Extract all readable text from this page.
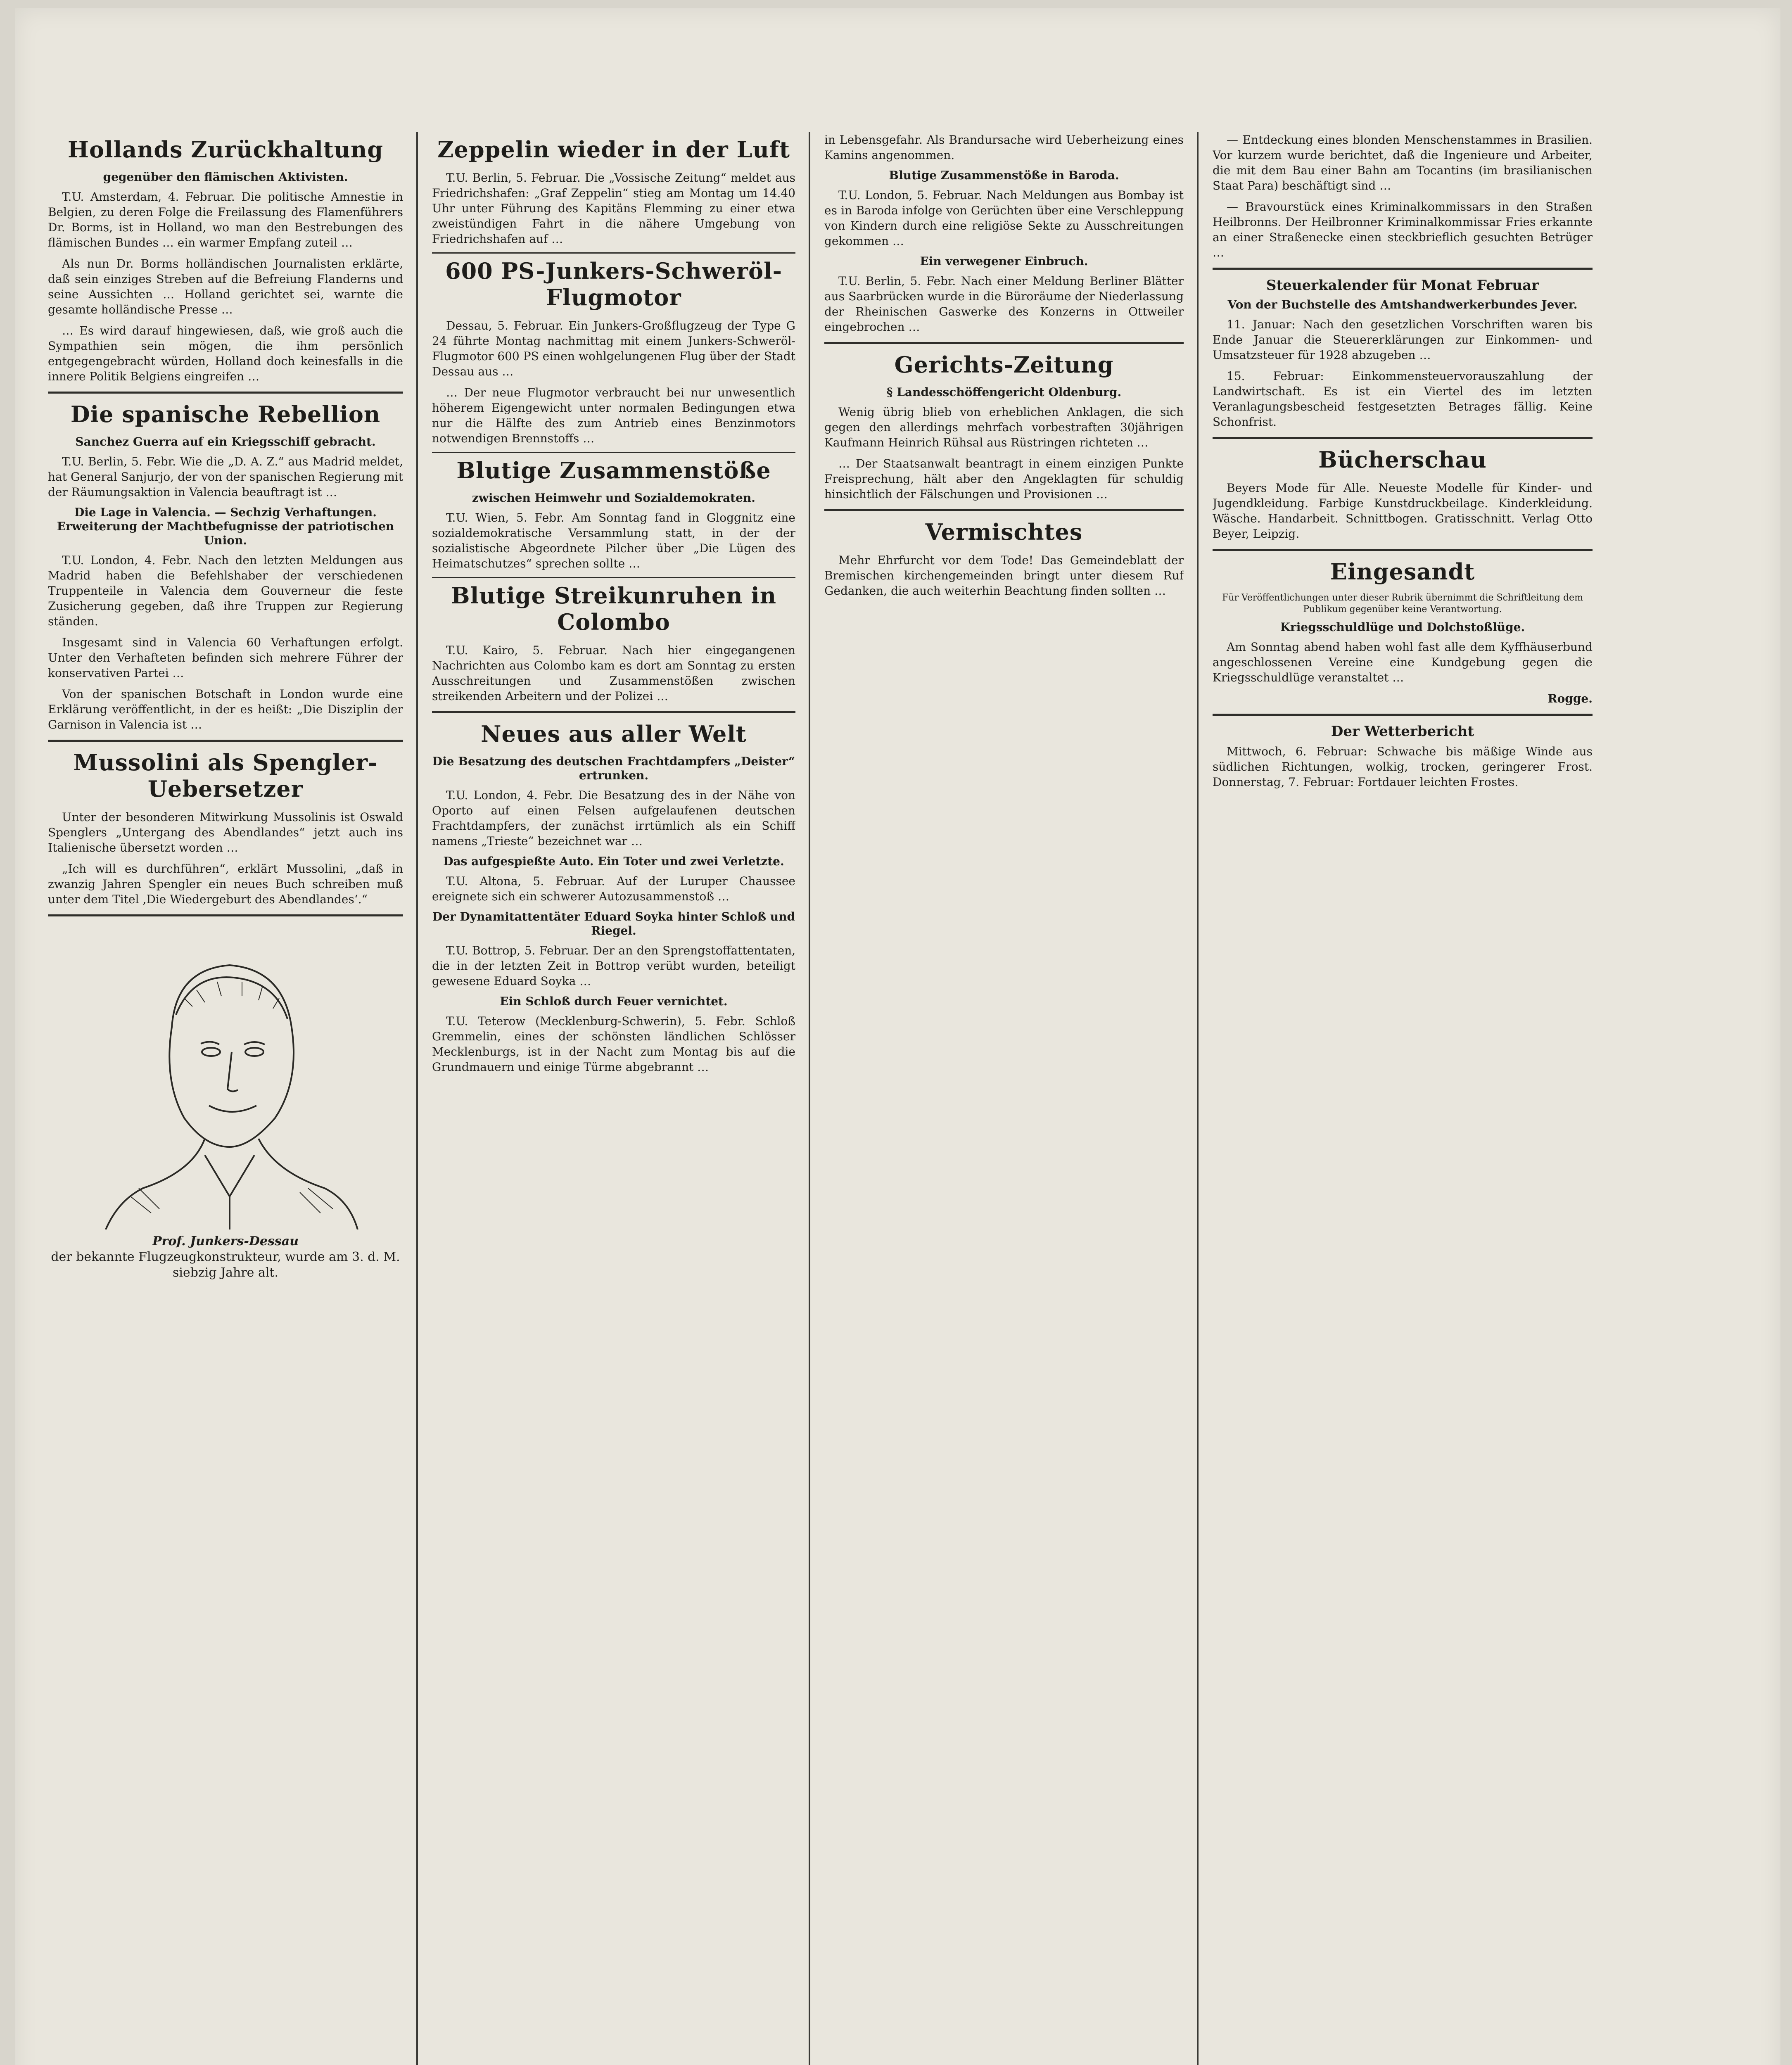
Hollands Zurückhaltung
gegenüber den flämischen Aktivisten.

T.U. Amsterdam, 4. Februar. Die politische Amnestie in Belgien, zu deren Folge die Freilassung des Flamenführers Dr. Borms, ist in Holland, wo man den Bestrebungen des flämischen Bundes … ein warmer Empfang zuteil …

Als nun Dr. Borms holländischen Journalisten erklärte, daß sein einziges Streben auf die Befreiung Flanderns und seine Aussichten … Holland gerichtet sei, warnte die gesamte holländische Presse …

… Es wird darauf hingewiesen, daß, wie groß auch die Sympathien sein mögen, die ihm persönlich entgegengebracht würden, Holland doch keinesfalls in die innere Politik Belgiens eingreifen …

Die spanische Rebellion
Sanchez Guerra auf ein Kriegsschiff gebracht.

T.U. Berlin, 5. Febr. Wie die „D. A. Z.“ aus Madrid meldet, hat General Sanjurjo, der von der spanischen Regierung mit der Räumungsaktion in Valencia beauftragt ist …

Die Lage in Valencia. — Sechzig Verhaftungen. Erweiterung der Machtbefugnisse der patriotischen Union.

T.U. London, 4. Febr. Nach den letzten Meldungen aus Madrid haben die Befehlshaber der verschiedenen Truppenteile in Valencia dem Gouverneur die feste Zusicherung gegeben, daß ihre Truppen zur Regierung ständen.

Insgesamt sind in Valencia 60 Verhaftungen erfolgt. Unter den Verhafteten befinden sich mehrere Führer der konservativen Partei …

Von der spanischen Botschaft in London wurde eine Erklärung veröffentlicht, in der es heißt: „Die Disziplin der Garnison in Valencia ist …

Mussolini als Spengler-Uebersetzer

Unter der besonderen Mitwirkung Mussolinis ist Oswald Spenglers „Untergang des Abendlandes“ jetzt auch ins Italienische übersetzt worden …

„Ich will es durchführen“, erklärt Mussolini, „daß in zwanzig Jahren Spengler ein neues Buch schreiben muß unter dem Titel ‚Die Wiedergeburt des Abendlandes‘.“

Prof. Junkers-Dessau
der bekannte Flugzeugkonstrukteur, wurde am 3. d. M. siebzig Jahre alt.
Zeppelin wieder in der Luft

T.U. Berlin, 5. Februar. Die „Vossische Zeitung“ meldet aus Friedrichshafen: „Graf Zeppelin“ stieg am Montag um 14.40 Uhr unter Führung des Kapitäns Flemming zu einer etwa zweistündigen Fahrt in die nähere Umgebung von Friedrichshafen auf …

600 PS-Junkers-Schweröl-Flugmotor

Dessau, 5. Februar. Ein Junkers-Großflugzeug der Type G 24 führte Montag nachmittag mit einem Junkers-Schweröl-Flugmotor 600 PS einen wohlgelungenen Flug über der Stadt Dessau aus …

… Der neue Flugmotor verbraucht bei nur unwesentlich höherem Eigengewicht unter normalen Bedingungen etwa nur die Hälfte des zum Antrieb eines Benzinmotors notwendigen Brennstoffs …

Blutige Zusammenstöße
zwischen Heimwehr und Sozialdemokraten.

T.U. Wien, 5. Febr. Am Sonntag fand in Gloggnitz eine sozialdemokratische Versammlung statt, in der der sozialistische Abgeordnete Pilcher über „Die Lügen des Heimatschutzes“ sprechen sollte …

Blutige Streikunruhen in Colombo

T.U. Kairo, 5. Februar. Nach hier eingegangenen Nachrichten aus Colombo kam es dort am Sonntag zu ersten Ausschreitungen und Zusammenstößen zwischen streikenden Arbeitern und der Polizei …

Neues aus aller Welt
Die Besatzung des deutschen Frachtdampfers „Deister“ ertrunken.

T.U. London, 4. Febr. Die Besatzung des in der Nähe von Oporto auf einen Felsen aufgelaufenen deutschen Frachtdampfers, der zunächst irrtümlich als ein Schiff namens „Trieste“ bezeichnet war …

Das aufgespießte Auto. Ein Toter und zwei Verletzte.

T.U. Altona, 5. Februar. Auf der Luruper Chaussee ereignete sich ein schwerer Autozusammenstoß …

Der Dynamitattentäter Eduard Soyka hinter Schloß und Riegel.

T.U. Bottrop, 5. Februar. Der an den Sprengstoffattentaten, die in der letzten Zeit in Bottrop verübt wurden, beteiligt gewesene Eduard Soyka …

Ein Schloß durch Feuer vernichtet.

T.U. Teterow (Mecklenburg-Schwerin), 5. Febr. Schloß Gremmelin, eines der schönsten ländlichen Schlösser Mecklenburgs, ist in der Nacht zum Montag bis auf die Grundmauern und einige Türme abgebrannt …

in Lebensgefahr. Als Brandursache wird Ueberheizung eines Kamins angenommen.

Blutige Zusammenstöße in Baroda.

T.U. London, 5. Februar. Nach Meldungen aus Bombay ist es in Baroda infolge von Gerüchten über eine Verschleppung von Kindern durch eine religiöse Sekte zu Ausschreitungen gekommen …

Ein verwegener Einbruch.

T.U. Berlin, 5. Febr. Nach einer Meldung Berliner Blätter aus Saarbrücken wurde in die Büroräume der Niederlassung der Rheinischen Gaswerke des Konzerns in Ottweiler eingebrochen …

Gerichts-Zeitung
§ Landesschöffengericht Oldenburg.

Wenig übrig blieb von erheblichen Anklagen, die sich gegen den allerdings mehrfach vorbestraften 30jährigen Kaufmann Heinrich Rühsal aus Rüstringen richteten …

… Der Staatsanwalt beantragt in einem einzigen Punkte Freisprechung, hält aber den Angeklagten für schuldig hinsichtlich der Fälschungen und Provisionen …

Vermischtes

Mehr Ehrfurcht vor dem Tode! Das Gemeindeblatt der Bremischen kirchengemeinden bringt unter diesem Ruf Gedanken, die auch weiterhin Beachtung finden sollten …

— Entdeckung eines blonden Menschenstammes in Brasilien. Vor kurzem wurde berichtet, daß die Ingenieure und Arbeiter, die mit dem Bau einer Bahn am Tocantins (im brasilianischen Staat Para) beschäftigt sind …

— Bravourstück eines Kriminalkommissars in den Straßen Heilbronns. Der Heilbronner Kriminalkommissar Fries erkannte an einer Straßenecke einen steckbrieflich gesuchten Betrüger …

Steuerkalender für Monat Februar
Von der Buchstelle des Amtshandwerkerbundes Jever.

11. Januar: Nach den gesetzlichen Vorschriften waren bis Ende Januar die Steuererklärungen zur Einkommen- und Umsatzsteuer für 1928 abzugeben …

15. Februar: Einkommensteuervorauszahlung der Landwirtschaft. Es ist ein Viertel des im letzten Veranlagungsbescheid festgesetzten Betrages fällig. Keine Schonfrist.

Bücherschau

Beyers Mode für Alle. Neueste Modelle für Kinder- und Jugendkleidung. Farbige Kunstdruckbeilage. Kinderkleidung. Wäsche. Handarbeit. Schnittbogen. Gratisschnitt. Verlag Otto Beyer, Leipzig.

Eingesandt
Für Veröffentlichungen unter dieser Rubrik übernimmt die Schriftleitung dem Publikum gegenüber keine Verantwortung.
Kriegsschuldlüge und Dolchstoßlüge.

Am Sonntag abend haben wohl fast alle dem Kyffhäuserbund angeschlossenen Vereine eine Kundgebung gegen die Kriegsschuldlüge veranstaltet …

Rogge.

Der Wetterbericht

Mittwoch, 6. Februar: Schwache bis mäßige Winde aus südlichen Richtungen, wolkig, trocken, geringerer Frost. Donnerstag, 7. Februar: Fortdauer leichten Frostes.
